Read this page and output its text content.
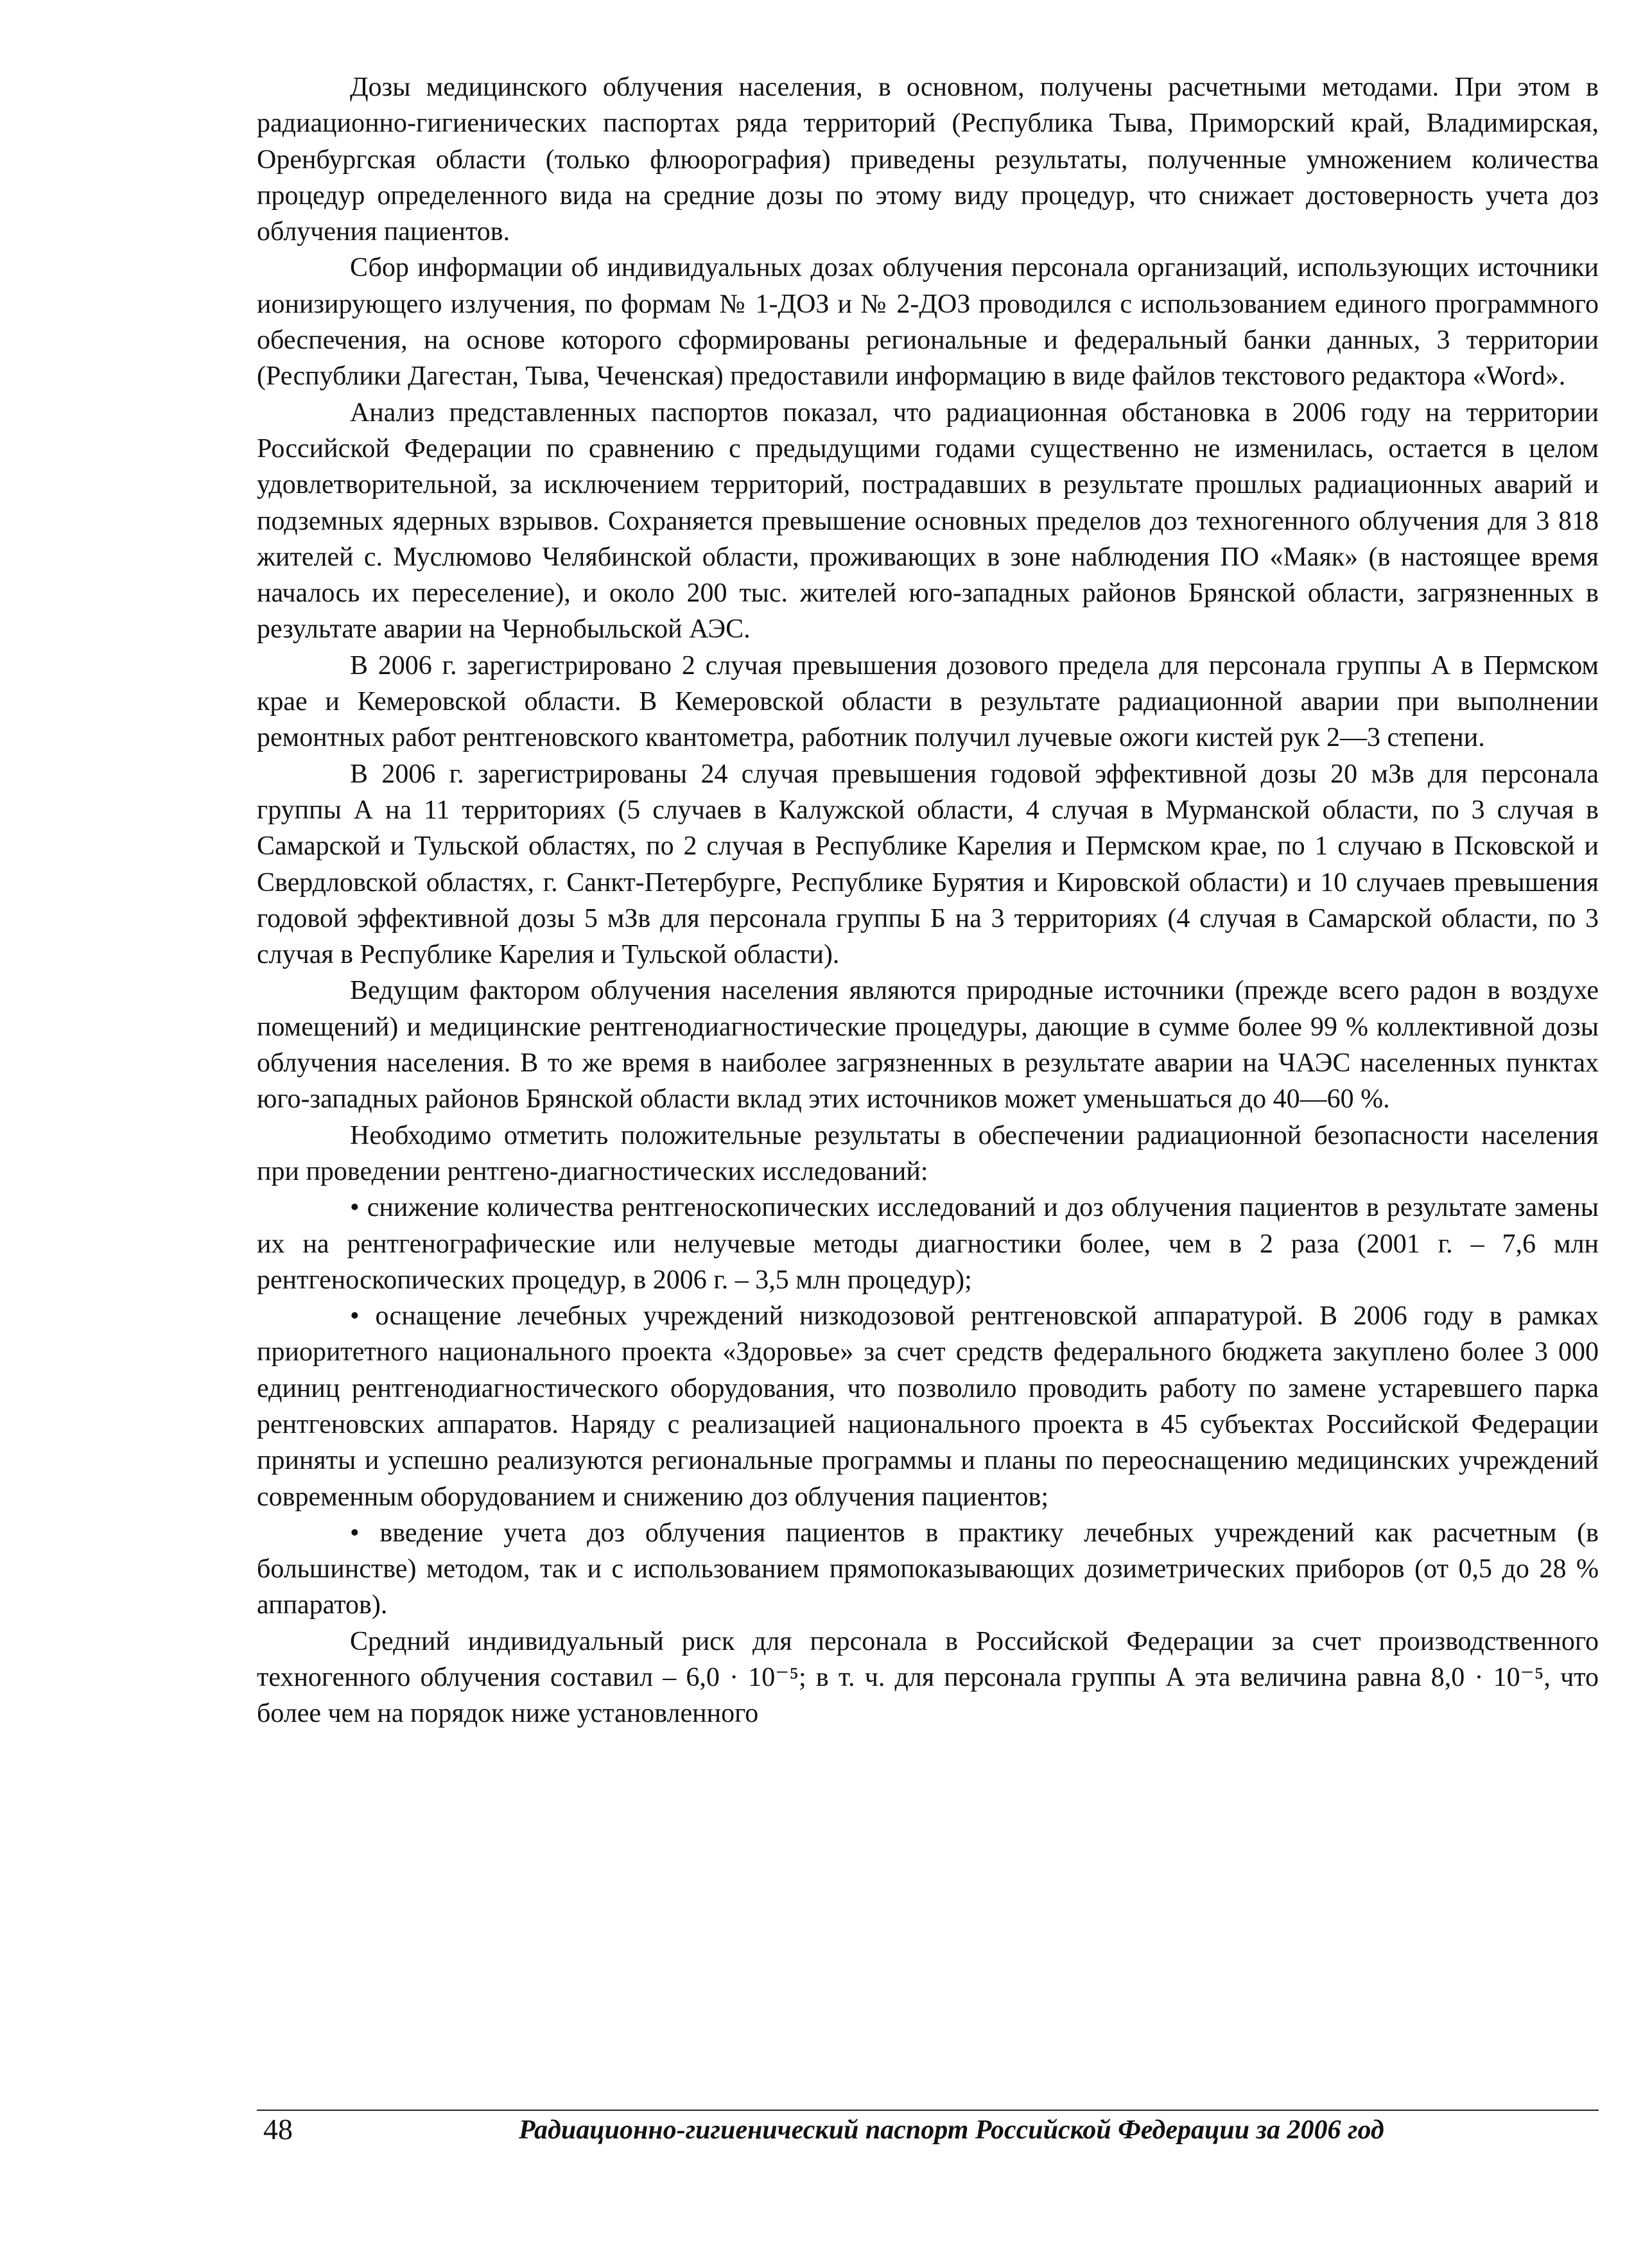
Дозы медицинского облучения населения, в основном, получены расчетными методами. При этом в радиационно-гигиенических паспортах ряда территорий (Республика Тыва, Приморский край, Владимирская, Оренбургская области (только флюорография) приведены результаты, полученные умножением количества процедур определенного вида на средние дозы по этому виду процедур, что снижает достоверность учета доз облучения пациентов.

Сбор информации об индивидуальных дозах облучения персонала организаций, использующих источники ионизирующего излучения, по формам № 1-ДОЗ и № 2-ДОЗ проводился с использованием единого программного обеспечения, на основе которого сформированы региональные и федеральный банки данных, 3 территории (Республики Дагестан, Тыва, Чеченская) предоставили информацию в виде файлов текстового редактора «Word».

Анализ представленных паспортов показал, что радиационная обстановка в 2006 году на территории Российской Федерации по сравнению с предыдущими годами существенно не изменилась, остается в целом удовлетворительной, за исключением территорий, пострадавших в результате прошлых радиационных аварий и подземных ядерных взрывов. Сохраняется превышение основных пределов доз техногенного облучения для 3 818 жителей с. Муслюмово Челябинской области, проживающих в зоне наблюдения ПО «Маяк» (в настоящее время началось их переселение), и около 200 тыс. жителей юго-западных районов Брянской области, загрязненных в результате аварии на Чернобыльской АЭС.

В 2006 г. зарегистрировано 2 случая превышения дозового предела для персонала группы А в Пермском крае и Кемеровской области. В Кемеровской области в результате радиационной аварии при выполнении ремонтных работ рентгеновского квантометра, работник получил лучевые ожоги кистей рук 2—3 степени.

В 2006 г. зарегистрированы 24 случая превышения годовой эффективной дозы 20 мЗв для персонала группы А на 11 территориях (5 случаев в Калужской области, 4 случая в Мурманской области, по 3 случая в Самарской и Тульской областях, по 2 случая в Республике Карелия и Пермском крае, по 1 случаю в Псковской и Свердловской областях, г. Санкт-Петербурге, Республике Бурятия и Кировской области) и 10 случаев превышения годовой эффективной дозы 5 мЗв для персонала группы Б на 3 территориях (4 случая в Самарской области, по 3 случая в Республике Карелия и Тульской области).

Ведущим фактором облучения населения являются природные источники (прежде всего радон в воздухе помещений) и медицинские рентгенодиагностические процедуры, дающие в сумме более 99 % коллективной дозы облучения населения. В то же время в наиболее загрязненных в результате аварии на ЧАЭС населенных пунктах юго-западных районов Брянской области вклад этих источников может уменьшаться до 40—60 %.

Необходимо отметить положительные результаты в обеспечении радиационной безопасности населения при проведении рентгено-диагностических исследований:

• снижение количества рентгеноскопических исследований и доз облучения пациентов в результате замены их на рентгенографические или нелучевые методы диагностики более, чем в 2 раза (2001 г. – 7,6 млн рентгеноскопических процедур, в 2006 г. – 3,5 млн процедур);

• оснащение лечебных учреждений низкодозовой рентгеновской аппаратурой. В 2006 году в рамках приоритетного национального проекта «Здоровье» за счет средств федерального бюджета закуплено более 3 000 единиц рентгенодиагностического оборудования, что позволило проводить работу по замене устаревшего парка рентгеновских аппаратов. Наряду с реализацией национального проекта в 45 субъектах Российской Федерации приняты и успешно реализуются региональные программы и планы по переоснащению медицинских учреждений современным оборудованием и снижению доз облучения пациентов;

• введение учета доз облучения пациентов в практику лечебных учреждений как расчетным (в большинстве) методом, так и с использованием прямопоказывающих дозиметрических приборов (от 0,5 до 28 % аппаратов).

Средний индивидуальный риск для персонала в Российской Федерации за счет производственного техногенного облучения составил – 6,0 · 10⁻⁵; в т. ч. для персонала группы А эта величина равна 8,0 · 10⁻⁵, что более чем на порядок ниже установленного

48	Радиационно-гигиенический паспорт Российской Федерации за 2006 год
